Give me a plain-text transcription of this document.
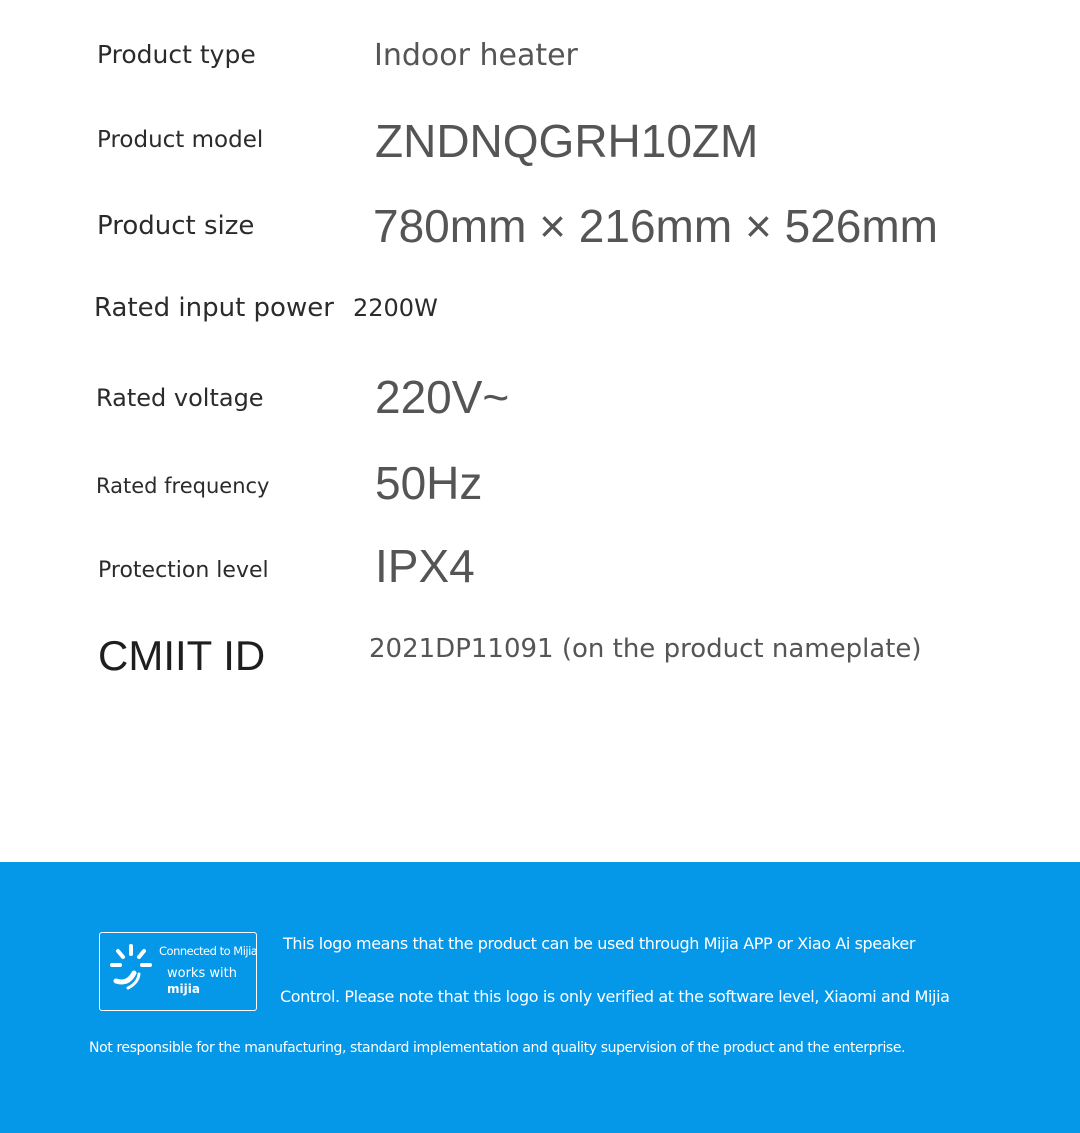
Product type	Indoor heater
Product model ZNDNQGRH10ZM
Product size	780mm × 216mm × 526mm
Rated input power 2200W
Rated voltage 220V~
Rated frequency 50Hz
Protection level IPX4
CMIIT ID	2021DP11091 (on the product nameplate)
Connected to Mijia
works with
mijia
This logo means that the product can be used through Mijia APP or Xiao Ai speaker
Control. Please note that this logo is only verified at the software level, Xiaomi and Mijia
Not responsible for the manufacturing, standard implementation and quality supervision of the product and the enterprise.
